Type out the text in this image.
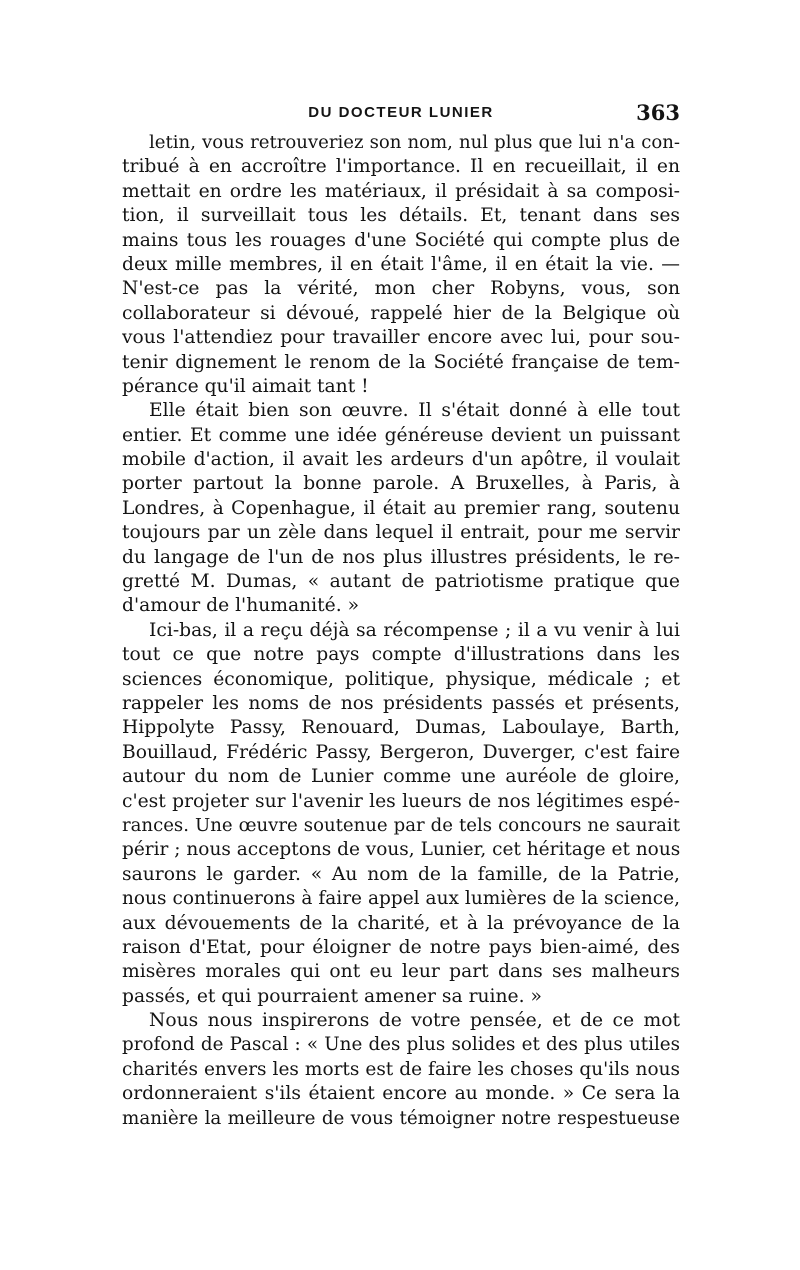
DU DOCTEUR LUNIER	363
letin, vous retrouveriez son nom, nul plus que lui n'a con-
tribué à en accroître l'importance. Il en recueillait, il en
mettait en ordre les matériaux, il présidait à sa composi-
tion, il surveillait tous les détails. Et, tenant dans ses
mains tous les rouages d'une Société qui compte plus de
deux mille membres, il en était l'âme, il en était la vie. —
N'est-ce pas la vérité, mon cher Robyns, vous, son
collaborateur si dévoué, rappelé hier de la Belgique où
vous l'attendiez pour travailler encore avec lui, pour sou-
tenir dignement le renom de la Société française de tem-
pérance qu'il aimait tant !
Elle était bien son œuvre. Il s'était donné à elle tout
entier. Et comme une idée généreuse devient un puissant
mobile d'action, il avait les ardeurs d'un apôtre, il voulait
porter partout la bonne parole. A Bruxelles, à Paris, à
Londres, à Copenhague, il était au premier rang, soutenu
toujours par un zèle dans lequel il entrait, pour me servir
du langage de l'un de nos plus illustres présidents, le re-
gretté M. Dumas, « autant de patriotisme pratique que
d'amour de l'humanité. »
Ici-bas, il a reçu déjà sa récompense ; il a vu venir à lui
tout ce que notre pays compte d'illustrations dans les
sciences économique, politique, physique, médicale ; et
rappeler les noms de nos présidents passés et présents,
Hippolyte Passy, Renouard, Dumas, Laboulaye, Barth,
Bouillaud, Frédéric Passy, Bergeron, Duverger, c'est faire
autour du nom de Lunier comme une auréole de gloire,
c'est projeter sur l'avenir les lueurs de nos légitimes espé-
rances. Une œuvre soutenue par de tels concours ne saurait
périr ; nous acceptons de vous, Lunier, cet héritage et nous
saurons le garder. « Au nom de la famille, de la Patrie,
nous continuerons à faire appel aux lumières de la science,
aux dévouements de la charité, et à la prévoyance de la
raison d'Etat, pour éloigner de notre pays bien-aimé, des
misères morales qui ont eu leur part dans ses malheurs
passés, et qui pourraient amener sa ruine. »
Nous nous inspirerons de votre pensée, et de ce mot
profond de Pascal : « Une des plus solides et des plus utiles
charités envers les morts est de faire les choses qu'ils nous
ordonneraient s'ils étaient encore au monde. » Ce sera la
manière la meilleure de vous témoigner notre respestueuse
